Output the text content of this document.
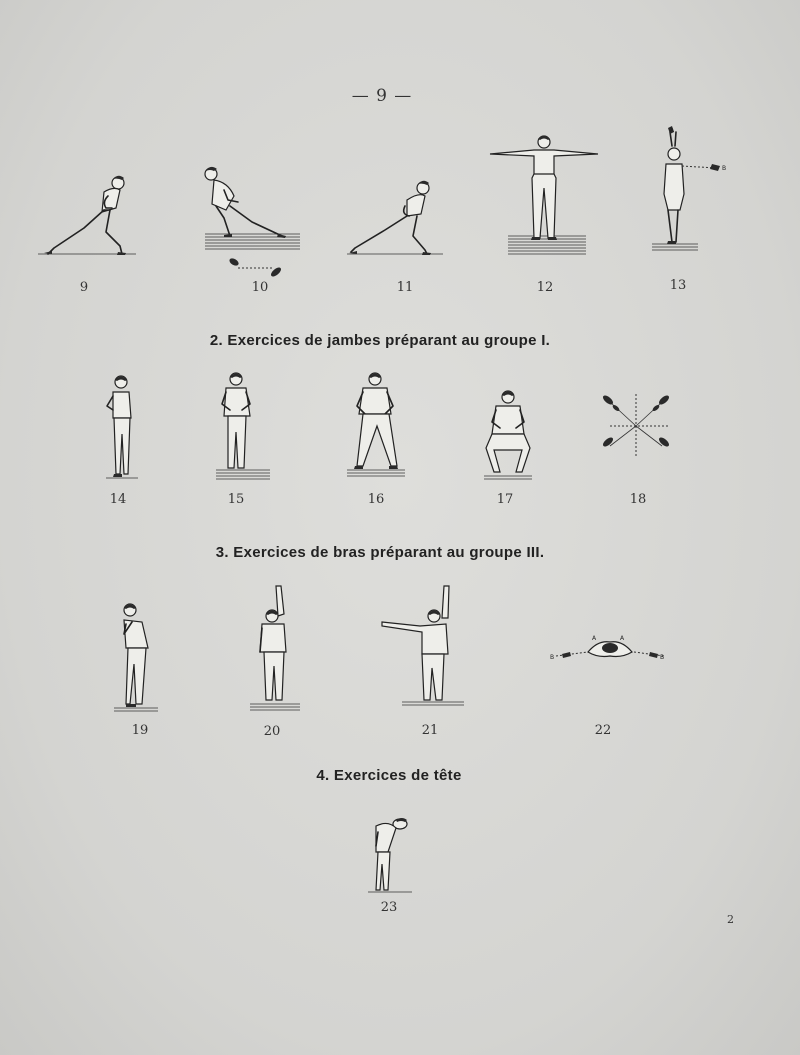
— 9 —
9	10	11	12
A
B
13
2. Exercices de jambes préparant au groupe I.
14	15	16	17	18
3. Exercices de bras préparant au groupe III.
19	20	21
B	B
A	A
22
4. Exercices de tête
23
2
